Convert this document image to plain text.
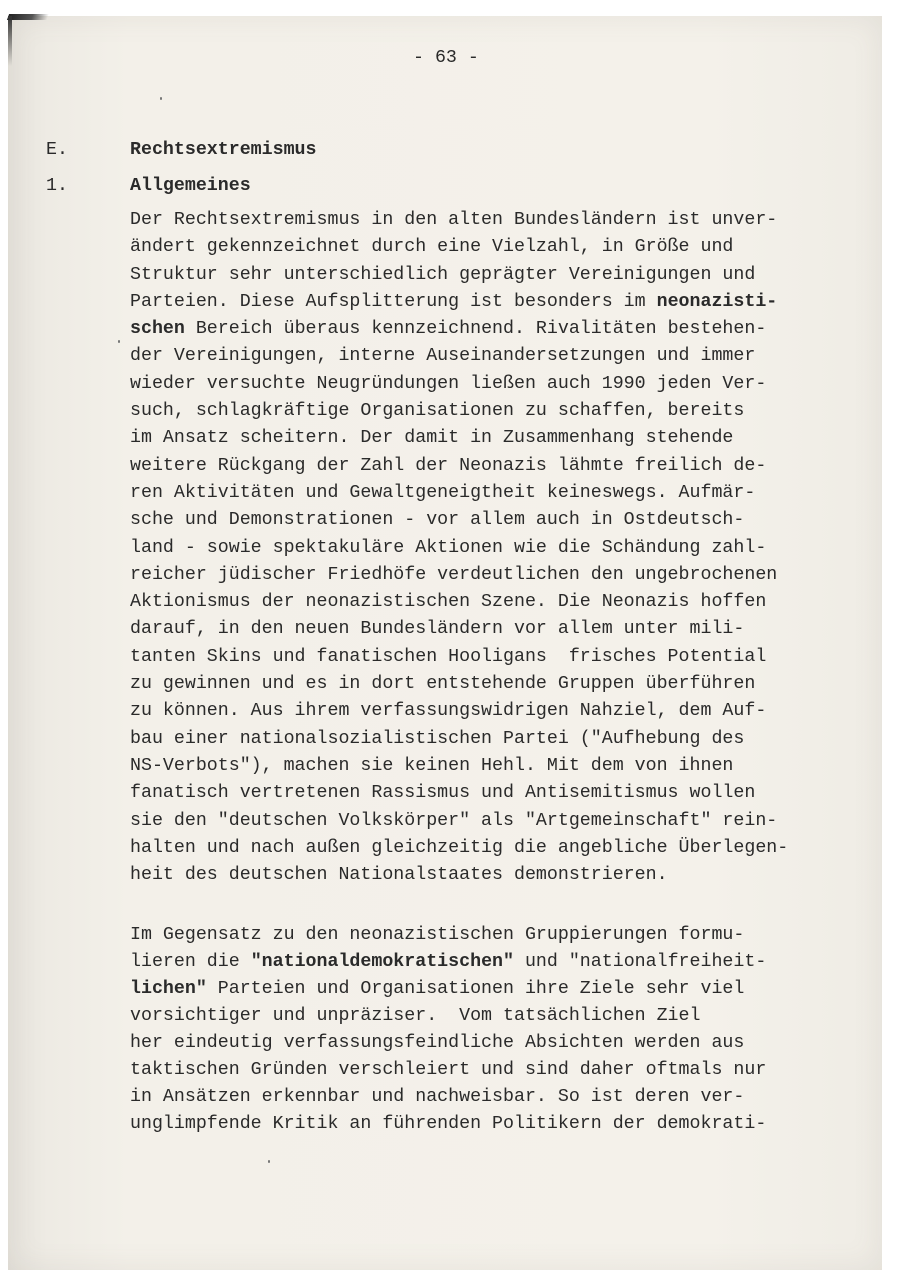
- 63 -
E.	Rechtsextremismus
1.	Allgemeines
Der Rechtsextremismus in den alten Bundesländern ist unver-
ändert gekennzeichnet durch eine Vielzahl, in Größe und
Struktur sehr unterschiedlich geprägter Vereinigungen und
Parteien. Diese Aufsplitterung ist besonders im neonazisti-
schen Bereich überaus kennzeichnend. Rivalitäten bestehen-
der Vereinigungen, interne Auseinandersetzungen und immer
wieder versuchte Neugründungen ließen auch 1990 jeden Ver-
such, schlagkräftige Organisationen zu schaffen, bereits
im Ansatz scheitern. Der damit in Zusammenhang stehende
weitere Rückgang der Zahl der Neonazis lähmte freilich de-
ren Aktivitäten und Gewaltgeneigtheit keineswegs. Aufmär-
sche und Demonstrationen - vor allem auch in Ostdeutsch-
land - sowie spektakuläre Aktionen wie die Schändung zahl-
reicher jüdischer Friedhöfe verdeutlichen den ungebrochenen
Aktionismus der neonazistischen Szene. Die Neonazis hoffen
darauf, in den neuen Bundesländern vor allem unter mili-
tanten Skins und fanatischen Hooligans  frisches Potential
zu gewinnen und es in dort entstehende Gruppen überführen
zu können. Aus ihrem verfassungswidrigen Nahziel, dem Auf-
bau einer nationalsozialistischen Partei ("Aufhebung des
NS-Verbots"), machen sie keinen Hehl. Mit dem von ihnen
fanatisch vertretenen Rassismus und Antisemitismus wollen
sie den "deutschen Volkskörper" als "Artgemeinschaft" rein-
halten und nach außen gleichzeitig die angebliche Überlegen-
heit des deutschen Nationalstaates demonstrieren.
Im Gegensatz zu den neonazistischen Gruppierungen formu-
lieren die "nationaldemokratischen" und "nationalfreiheit-
lichen" Parteien und Organisationen ihre Ziele sehr viel
vorsichtiger und unpräziser.  Vom tatsächlichen Ziel
her eindeutig verfassungsfeindliche Absichten werden aus
taktischen Gründen verschleiert und sind daher oftmals nur
in Ansätzen erkennbar und nachweisbar. So ist deren ver-
unglimpfende Kritik an führenden Politikern der demokrati-
